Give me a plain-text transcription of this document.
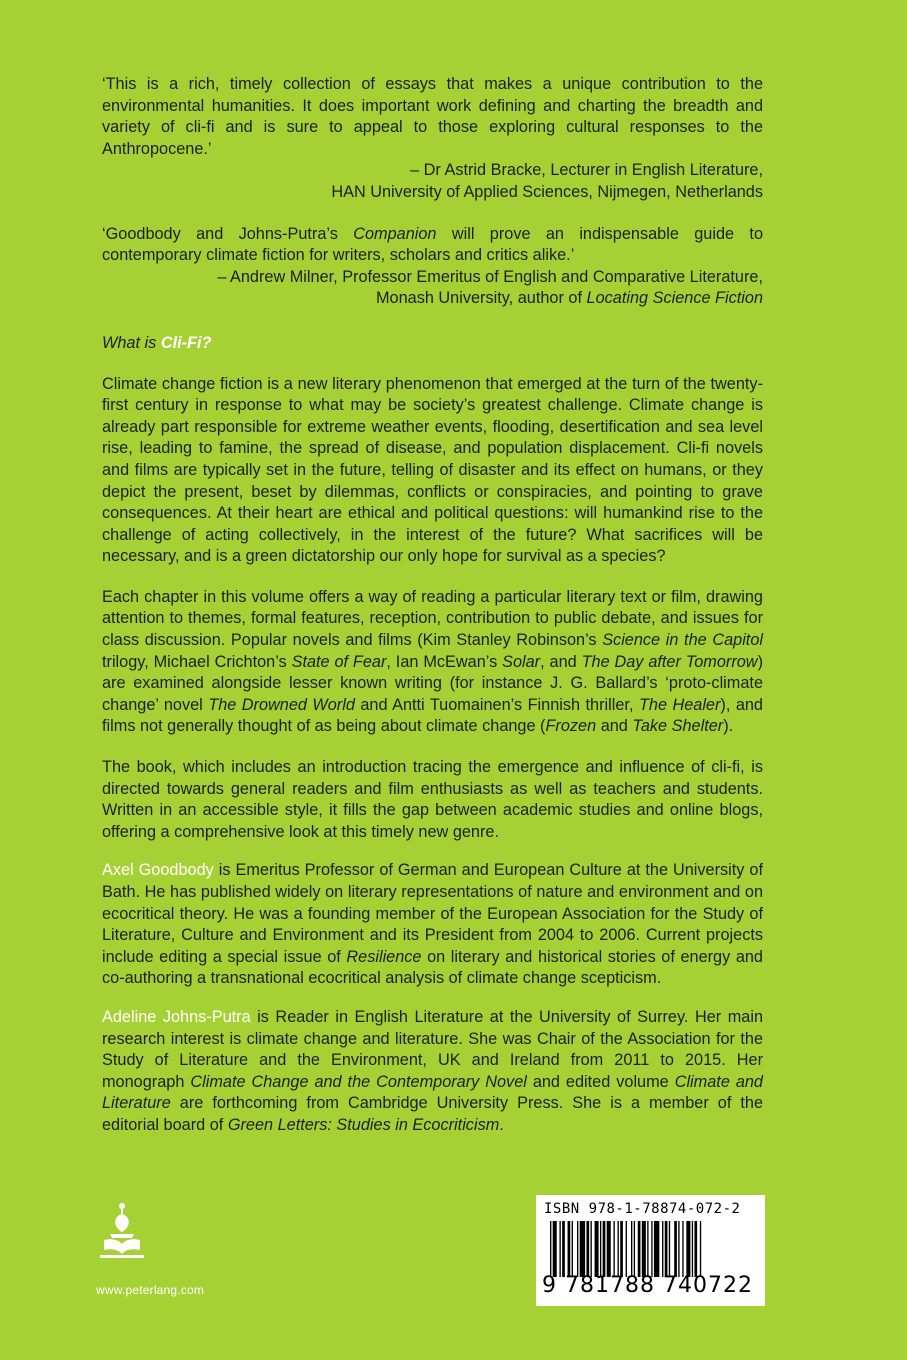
‘This is a rich, timely collection of essays that makes a unique contribution to the environmental humanities. It does important work defining and charting the breadth and variety of cli-fi and is sure to appeal to those exploring cultural responses to the Anthropocene.’

– Dr Astrid Bracke, Lecturer in English Literature,

HAN University of Applied Sciences, Nijmegen, Netherlands

‘Goodbody and Johns-Putra’s Companion will prove an indispensable guide to contemporary climate fiction for writers, scholars and critics alike.’

– Andrew Milner, Professor Emeritus of English and Comparative Literature,

Monash University, author of Locating Science Fiction

What is Cli-Fi?

Climate change fiction is a new literary phenomenon that emerged at the turn of the twenty-first century in response to what may be society’s greatest challenge. Climate change is already part responsible for extreme weather events, flooding, desertification and sea level rise, leading to famine, the spread of disease, and population displacement. Cli-fi novels and films are typically set in the future, telling of disaster and its effect on humans, or they depict the present, beset by dilemmas, conflicts or conspiracies, and pointing to grave consequences. At their heart are ethical and political questions: will humankind rise to the challenge of acting collectively, in the interest of the future? What sacrifices will be necessary, and is a green dictatorship our only hope for survival as a species?

Each chapter in this volume offers a way of reading a particular literary text or film, drawing attention to themes, formal features, reception, contribution to public debate, and issues for class discussion. Popular novels and films (Kim Stanley Robinson’s Science in the Capitol trilogy, Michael Crichton’s State of Fear, Ian McEwan’s Solar, and The Day after Tomorrow) are examined alongside lesser known writing (for instance J. G. Ballard’s ‘proto-climate change’ novel The Drowned World and Antti Tuomainen’s Finnish thriller, The Healer), and films not generally thought of as being about climate change (Frozen and Take Shelter).

The book, which includes an introduction tracing the emergence and influence of cli-fi, is directed towards general readers and film enthusiasts as well as teachers and students. Written in an accessible style, it fills the gap between academic studies and online blogs, offering a comprehensive look at this timely new genre.

Axel Goodbody is Emeritus Professor of German and European Culture at the University of Bath. He has published widely on literary representations of nature and environment and on ecocritical theory. He was a founding member of the European Association for the Study of Literature, Culture and Environment and its President from 2004 to 2006. Current projects include editing a special issue of Resilience on literary and historical stories of energy and co-authoring a transnational ecocritical analysis of climate change scepticism.

Adeline Johns-Putra is Reader in English Literature at the University of Surrey. Her main research interest is climate change and literature. She was Chair of the Association for the Study of Literature and the Environment, UK and Ireland from 2011 to 2015. Her monograph Climate Change and the Contemporary Novel and edited volume Climate and Literature are forthcoming from Cambridge University Press. She is a member of the editorial board of Green Letters: Studies in Ecocriticism.

www.peterlang.com
ISBN 978-1-78874-072-2
9 781788 740722
